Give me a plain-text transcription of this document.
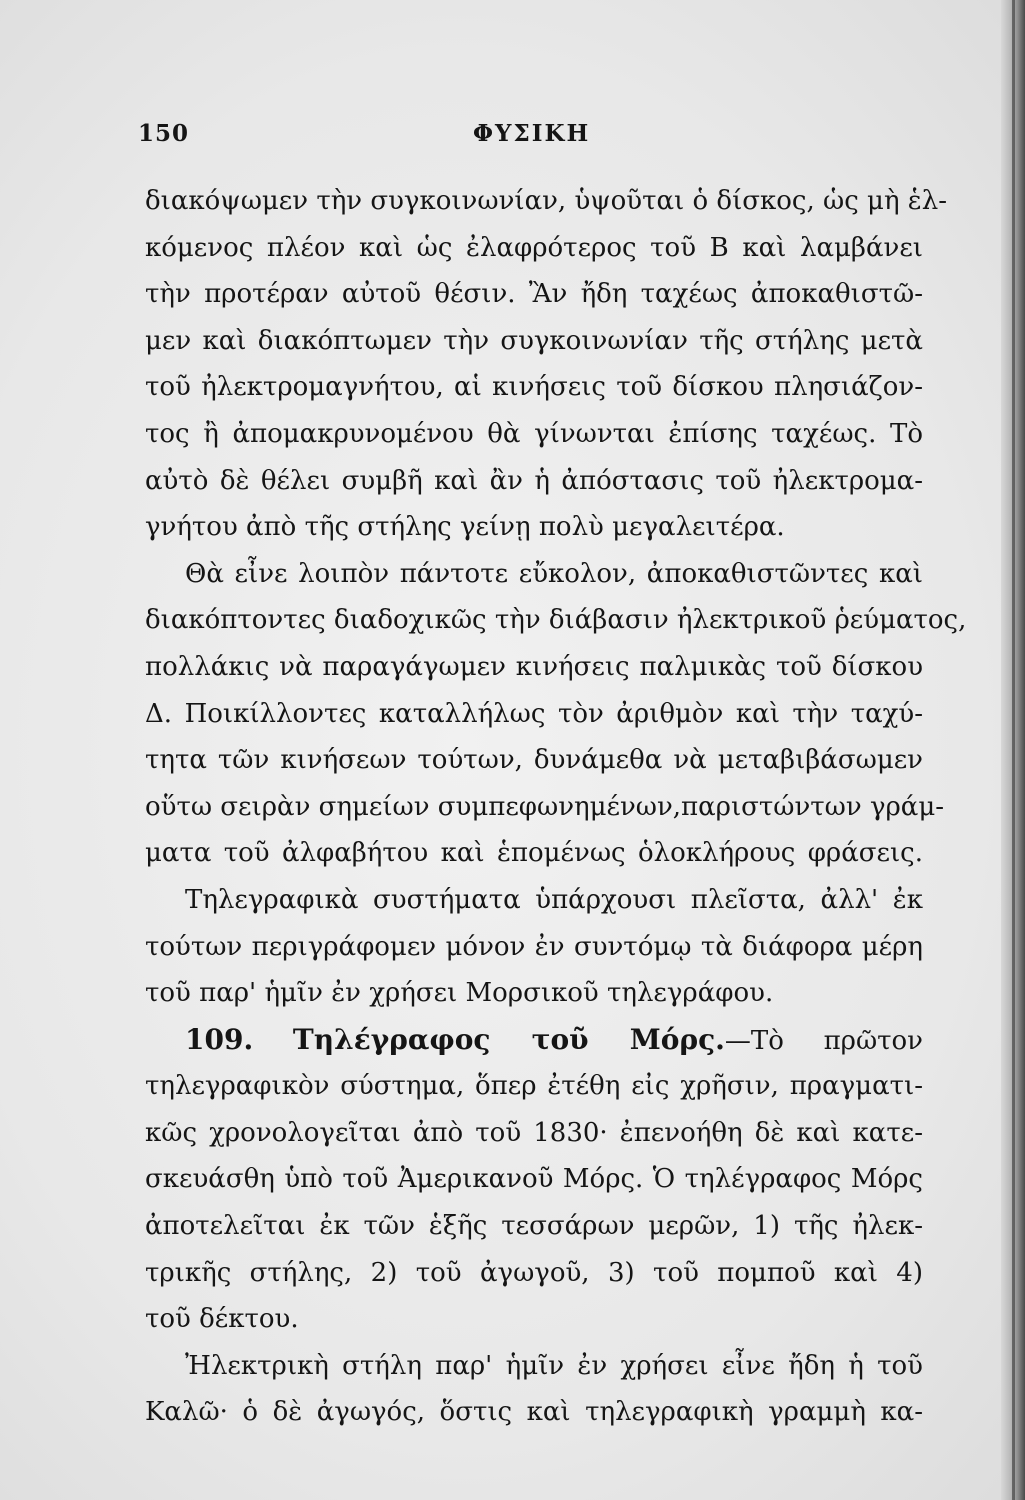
150	ΦΥΣΙΚΗ
διακόψωμεν τὴν συγκοινωνίαν, ὑψοῦται ὁ δίσκος, ὡς μὴ ἑλ-
κόμενος πλέον καὶ ὡς ἐλαφρότερος τοῦ Β καὶ λαμβάνει
τὴν προτέραν αὐτοῦ θέσιν. Ἂν ἤδη ταχέως ἀποκαθιστῶ-
μεν καὶ διακόπτωμεν τὴν συγκοινωνίαν τῆς στήλης μετὰ
τοῦ ἠλεκτρομαγνήτου, αἱ κινήσεις τοῦ δίσκου πλησιάζον-
τος ἢ ἀπομακρυνομένου θὰ γίνωνται ἐπίσης ταχέως. Τὸ
αὐτὸ δὲ θέλει συμβῆ καὶ ἂν ἡ ἀπόστασις τοῦ ἠλεκτρομα-
γνήτου ἀπὸ τῆς στήλης γείνῃ πολὺ μεγαλειτέρα.
Θὰ εἶνε λοιπὸν πάντοτε εὔκολον, ἀποκαθιστῶντες καὶ
διακόπτοντες διαδοχικῶς τὴν διάβασιν ἠλεκτρικοῦ ῥεύματος,
πολλάκις νὰ παραγάγωμεν κινήσεις παλμικὰς τοῦ δίσκου
Δ. Ποικίλλοντες καταλλήλως τὸν ἀριθμὸν καὶ τὴν ταχύ-
τητα τῶν κινήσεων τούτων, δυνάμεθα νὰ μεταβιβάσωμεν
οὕτω σειρὰν σημείων συμπεφωνημένων,παριστώντων γράμ-
ματα τοῦ ἀλφαβήτου καὶ ἑπομένως ὁλοκλήρους φράσεις.
Τηλεγραφικὰ συστήματα ὑπάρχουσι πλεῖστα, ἀλλ' ἐκ
τούτων περιγράφομεν μόνον ἐν συντόμῳ τὰ διάφορα μέρη
τοῦ παρ' ἡμῖν ἐν χρήσει Μορσικοῦ τηλεγράφου.
109. Τηλέγραφος τοῦ Μόρς.—Τὸ πρῶτον
τηλεγραφικὸν σύστημα, ὅπερ ἐτέθη εἰς χρῆσιν, πραγματι-
κῶς χρονολογεῖται ἀπὸ τοῦ 1830· ἐπενοήθη δὲ καὶ κατε-
σκευάσθη ὑπὸ τοῦ Ἀμερικανοῦ Μόρς. Ὁ τηλέγραφος Μόρς
ἀποτελεῖται ἐκ τῶν ἑξῆς τεσσάρων μερῶν, 1) τῆς ἠλεκ-
τρικῆς στήλης, 2) τοῦ ἀγωγοῦ, 3) τοῦ πομποῦ καὶ 4)
τοῦ δέκτου.
Ἠλεκτρικὴ στήλη παρ' ἡμῖν ἐν χρήσει εἶνε ἤδη ἡ τοῦ
Καλῶ· ὁ δὲ ἀγωγός, ὅστις καὶ τηλεγραφικὴ γραμμὴ κα-
